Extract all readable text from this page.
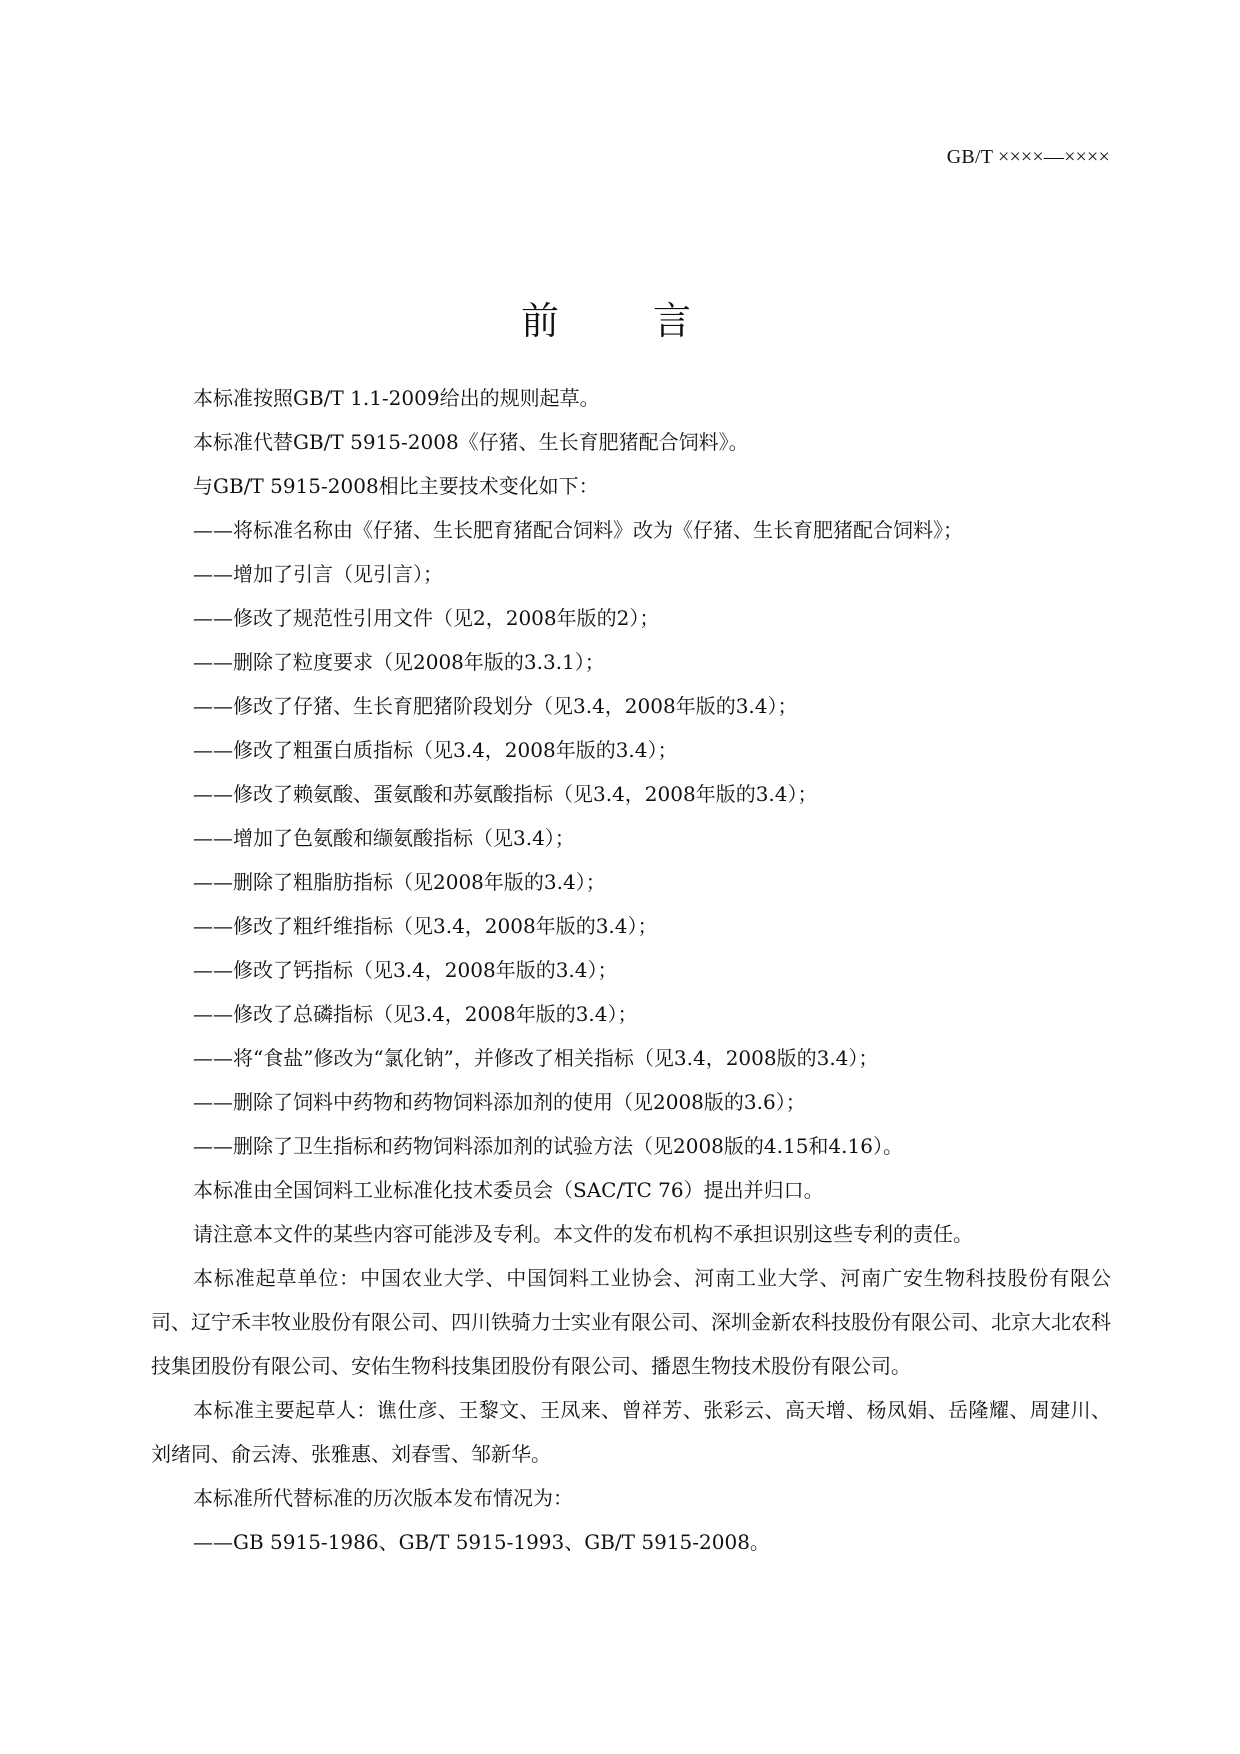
GB/T ××××—××××
前　言

本标准按照GB/T 1.1-2009给出的规则起草。

本标准代替GB/T 5915-2008《仔猪、生长育肥猪配合饲料》。

与GB/T 5915-2008相比主要技术变化如下：

——将标准名称由《仔猪、生长肥育猪配合饲料》改为《仔猪、生长育肥猪配合饲料》；

——增加了引言（见引言）；

——修改了规范性引用文件（见2，2008年版的2）；

——删除了粒度要求（见2008年版的3.3.1）；

——修改了仔猪、生长育肥猪阶段划分（见3.4，2008年版的3.4）；

——修改了粗蛋白质指标（见3.4，2008年版的3.4）；

——修改了赖氨酸、蛋氨酸和苏氨酸指标（见3.4，2008年版的3.4）；

——增加了色氨酸和缬氨酸指标（见3.4）；

——删除了粗脂肪指标（见2008年版的3.4）；

——修改了粗纤维指标（见3.4，2008年版的3.4）；

——修改了钙指标（见3.4，2008年版的3.4）；

——修改了总磷指标（见3.4，2008年版的3.4）；

——将“食盐”修改为“氯化钠”，并修改了相关指标（见3.4，2008版的3.4）；

——删除了饲料中药物和药物饲料添加剂的使用（见2008版的3.6）；

——删除了卫生指标和药物饲料添加剂的试验方法（见2008版的4.15和4.16）。

本标准由全国饲料工业标准化技术委员会（SAC/TC 76）提出并归口。

请注意本文件的某些内容可能涉及专利。本文件的发布机构不承担识别这些专利的责任。

本标准起草单位：中国农业大学、中国饲料工业协会、河南工业大学、河南广安生物科技股份有限公司、辽宁禾丰牧业股份有限公司、四川铁骑力士实业有限公司、深圳金新农科技股份有限公司、北京大北农科技集团股份有限公司、安佑生物科技集团股份有限公司、播恩生物技术股份有限公司。

本标准主要起草人：谯仕彦、王黎文、王凤来、曾祥芳、张彩云、高天增、杨凤娟、岳隆耀、周建川、刘绪同、俞云涛、张雅惠、刘春雪、邹新华。

本标准所代替标准的历次版本发布情况为：

——GB 5915-1986、GB/T 5915-1993、GB/T 5915-2008。
